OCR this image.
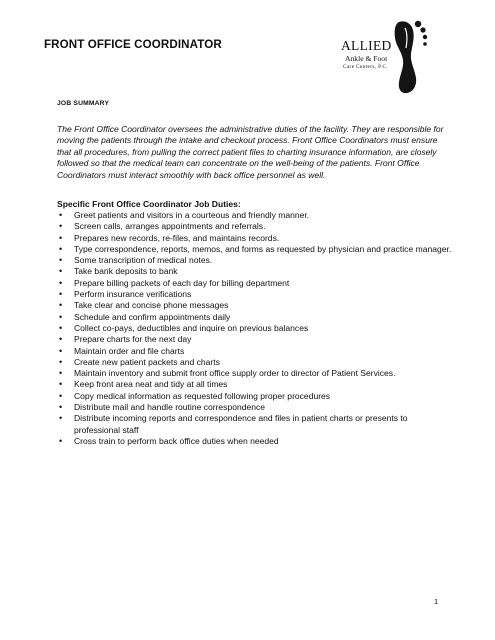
FRONT OFFICE COORDINATOR	ALLIED
Ankle & Foot
Care Centers, P.C.
JOB SUMMARY

The Front Office Coordinator oversees the administrative duties of the facility. They are responsible for moving the patients through the intake and checkout process. Front Office Coordinators must ensure that all procedures, from pulling the correct patient files to charting insurance information, are closely followed so that the medical team can concentrate on the well-being of the patients. Front Office Coordinators must interact smoothly with back office personnel as well.

Specific Front Office Coordinator Job Duties:
• Greet patients and visitors in a courteous and friendly manner.
• Screen calls, arranges appointments and referrals.
• Prepares new records, re-files, and maintains records.
• Type correspondence, reports, memos, and forms as requested by physician and practice manager.
• Some transcription of medical notes.
• Take bank deposits to bank
• Prepare billing packets of each day for billing department
• Perform insurance verifications
• Take clear and concise phone messages
• Schedule and confirm appointments daily
• Collect co-pays, deductibles and inquire on previous balances
• Prepare charts for the next day
• Maintain order and file charts
• Create new patient packets and charts
• Maintain inventory and submit front office supply order to director of Patient Services.
• Keep front area neat and tidy at all times
• Copy medical information as requested following proper procedures
• Distribute mail and handle routine correspondence
• Distribute incoming reports and correspondence and files in patient charts or presents to professional staff
• Cross train to perform back office duties when needed
1
